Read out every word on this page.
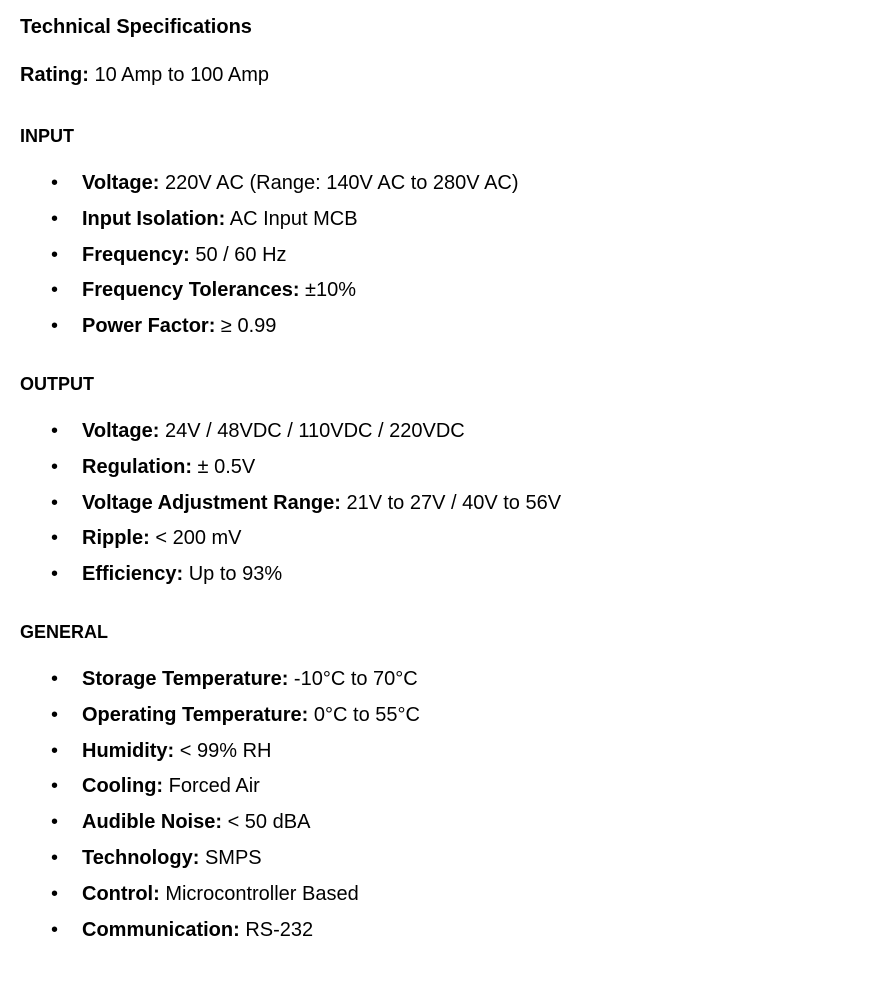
Technical Specifications
Rating: 10 Amp to 100 Amp
INPUT
• Voltage: 220V AC (Range: 140V AC to 280V AC)
• Input Isolation: AC Input MCB
• Frequency: 50 / 60 Hz
• Frequency Tolerances: ±10%
• Power Factor: ≥ 0.99
OUTPUT
• Voltage: 24V / 48VDC / 110VDC / 220VDC
• Regulation: ± 0.5V
• Voltage Adjustment Range: 21V to 27V / 40V to 56V
• Ripple: < 200 mV
• Efficiency: Up to 93%
GENERAL
• Storage Temperature: -10°C to 70°C
• Operating Temperature: 0°C to 55°C
• Humidity: < 99% RH
• Cooling: Forced Air
• Audible Noise: < 50 dBA
• Technology: SMPS
• Control: Microcontroller Based
• Communication: RS-232
